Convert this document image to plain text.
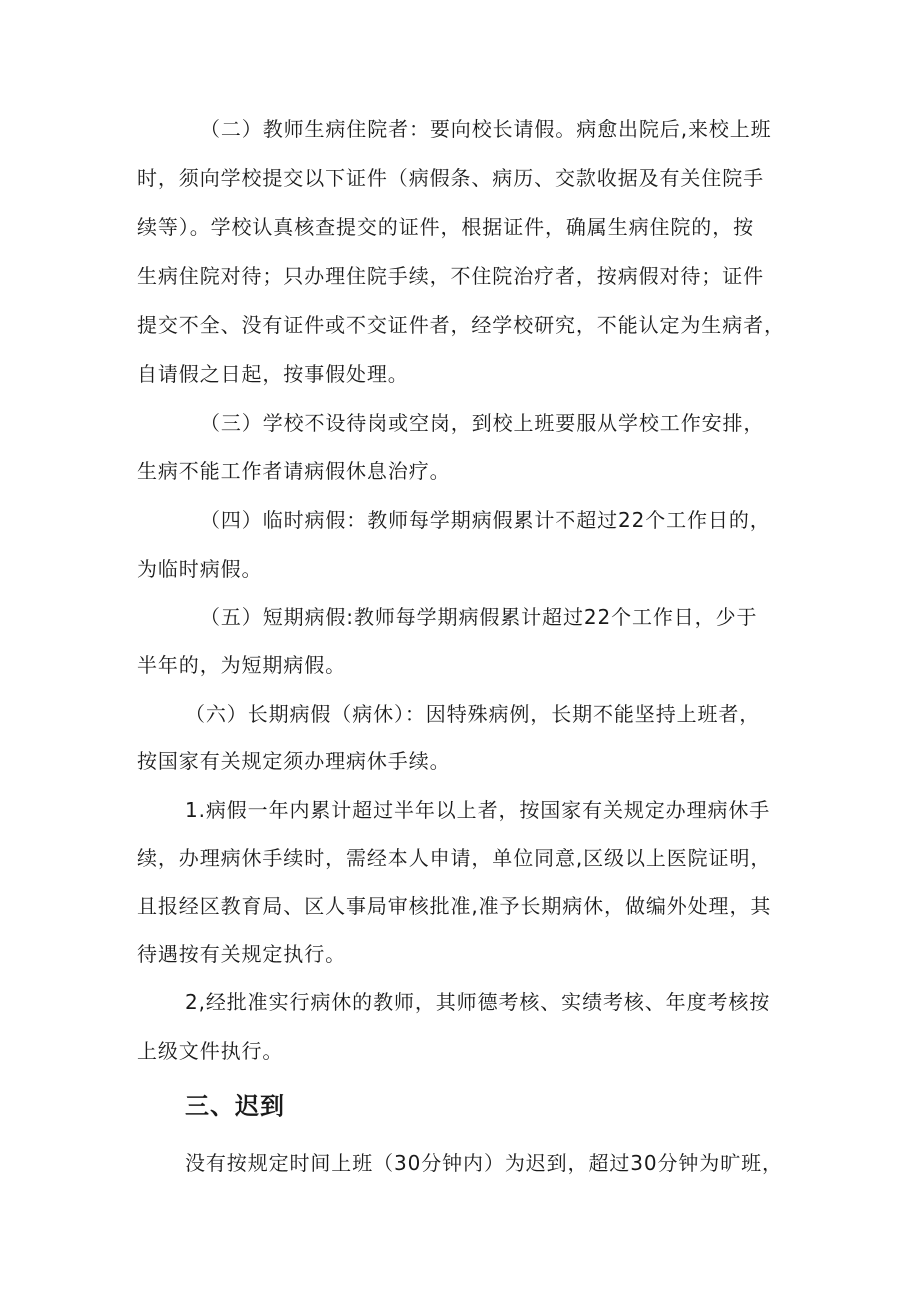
（二）教师生病住院者：要向校长请假。病愈出院后,来校上班
时，须向学校提交以下证件（病假条、病历、交款收据及有关住院手
续等）。学校认真核查提交的证件，根据证件，确属生病住院的，按
生病住院对待；只办理住院手续，不住院治疗者，按病假对待；证件
提交不全、没有证件或不交证件者，经学校研究，不能认定为生病者，
自请假之日起，按事假处理。
（三）学校不设待岗或空岗，到校上班要服从学校工作安排，
生病不能工作者请病假休息治疗。
（四）临时病假：教师每学期病假累计不超过22个工作日的，
为临时病假。
（五）短期病假:教师每学期病假累计超过22个工作日，少于
半年的，为短期病假。
（六）长期病假（病休）：因特殊病例，长期不能坚持上班者，
按国家有关规定须办理病休手续。
1.病假一年内累计超过半年以上者，按国家有关规定办理病休手
续，办理病休手续时，需经本人申请，单位同意,区级以上医院证明，
且报经区教育局、区人事局审核批准,准予长期病休，做编外处理，其
待遇按有关规定执行。
2,经批准实行病休的教师，其师德考核、实绩考核、年度考核按
上级文件执行。
三、迟到
没有按规定时间上班（30分钟内）为迟到，超过30分钟为旷班，
